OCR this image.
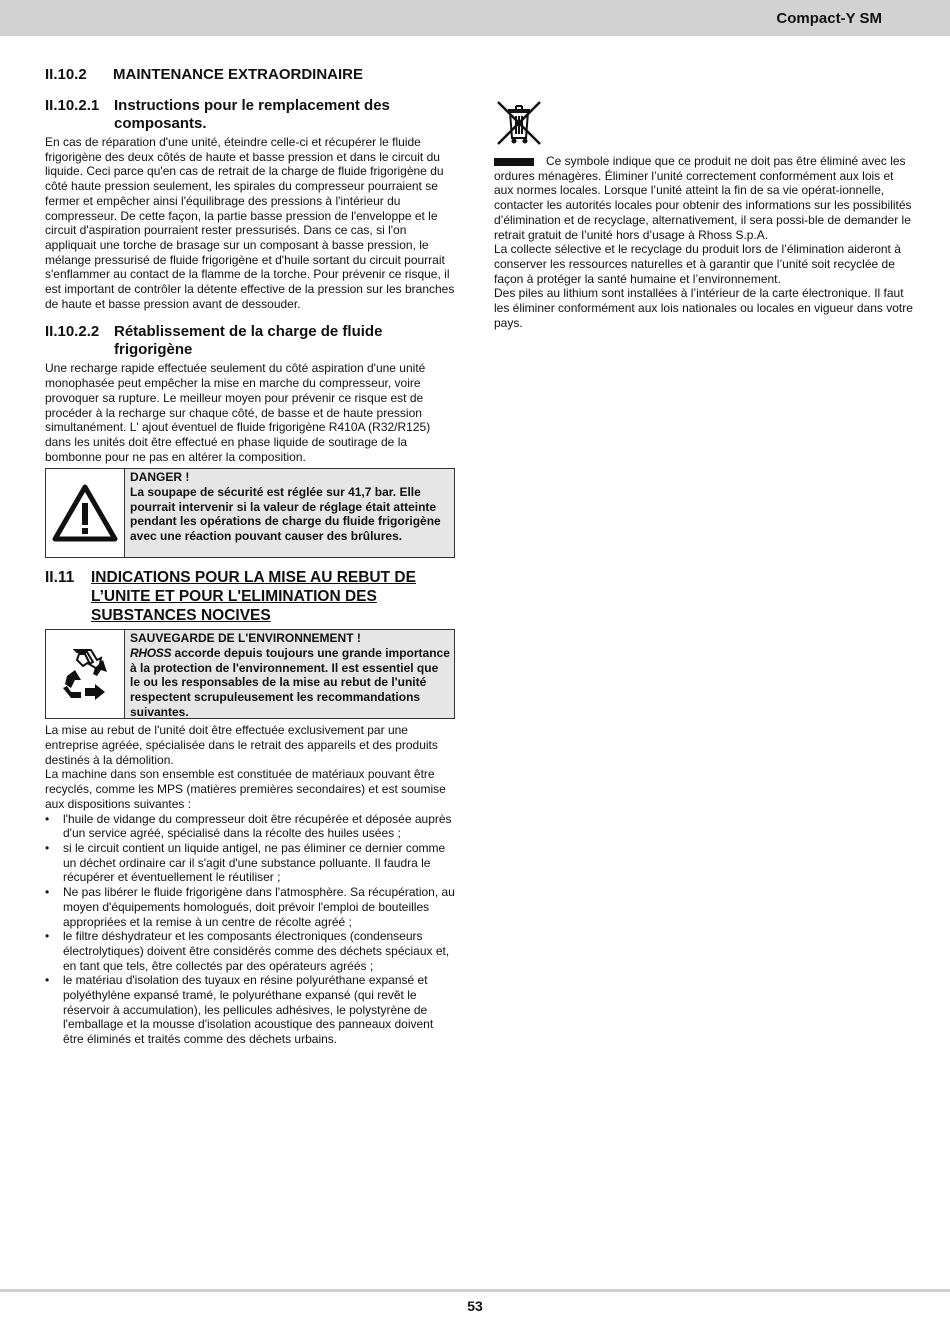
Compact-Y SM
II.10.2	MAINTENANCE EXTRAORDINAIRE
II.10.2.1 Instructions pour le remplacement des composants.

En cas de réparation d'une unité, éteindre celle-ci et récupérer le fluide frigorigène des deux côtés de haute et basse pression et dans le circuit du liquide. Ceci parce qu'en cas de retrait de la charge de fluide frigorigène du côté haute pression seulement, les spirales du compresseur pourraient se fermer et empêcher ainsi l'équilibrage des pressions à l'intérieur du compresseur. De cette façon, la partie basse pression de l'enveloppe et le circuit d'aspiration pourraient rester pressurisés. Dans ce cas, si l'on appliquait une torche de brasage sur un composant à basse pression, le mélange pressurisé de fluide frigorigène et d'huile sortant du circuit pourrait s'enflammer au contact de la flamme de la torche. Pour prévenir ce risque, il est important de contrôler la détente effective de la pression sur les branches de haute et basse pression avant de dessouder.

II.10.2.2 Rétablissement de la charge de fluide frigorigène

Une recharge rapide effectuée seulement du côté aspiration d'une unité monophasée peut empêcher la mise en marche du compresseur, voire provoquer sa rupture. Le meilleur moyen pour prévenir ce risque est de procéder à la recharge sur chaque côté, de basse et de haute pression simultanément. L' ajout éventuel de fluide frigorigène R410A (R32/R125) dans les unités doit être effectué en phase liquide de soutirage de la bombonne pour ne pas en altérer la composition.

DANGER !
La soupape de sécurité est réglée sur 41,7 bar. Elle pourrait intervenir si la valeur de réglage était atteinte pendant les opérations de charge du fluide frigorigène avec une réaction pouvant causer des brûlures.
II.11	INDICATIONS POUR LA MISE AU REBUT DE L’UNITE ET POUR L'ELIMINATION DES SUBSTANCES NOCIVES
SAUVEGARDE DE L'ENVIRONNEMENT !
RHOSS accorde depuis toujours une grande importance à la protection de l'environnement. Il est essentiel que le ou les responsables de la mise au rebut de l'unité respectent scrupuleusement les recommandations suivantes.

La mise au rebut de l'unité doit être effectuée exclusivement par une entreprise agréée, spécialisée dans le retrait des appareils et des produits destinés à la démolition.

La machine dans son ensemble est constituée de matériaux pouvant être recyclés, comme les MPS (matières premières secondaires) et est soumise aux dispositions suivantes :

•	l'huile de vidange du compresseur doit être récupérée et déposée auprès d'un service agréé, spécialisé dans la récolte des huiles usées ;
•	si le circuit contient un liquide antigel, ne pas éliminer ce dernier comme un déchet ordinaire car il s'agit d'une substance polluante. Il faudra le récupérer et éventuellement le réutiliser ;
•	Ne pas libérer le fluide frigorigène dans l'atmosphère. Sa récupération, au moyen d'équipements homologués, doit prévoir l'emploi de bouteilles appropriées et la remise à un centre de récolte agréé ;
•	le filtre déshydrateur et les composants électroniques (condenseurs électrolytiques) doivent être considérés comme des déchets spéciaux et, en tant que tels, être collectés par des opérateurs agréés ;
•	le matériau d'isolation des tuyaux en résine polyuréthane expansé et polyéthylène expansé tramé, le polyuréthane expansé (qui revêt le réservoir à accumulation), les pellicules adhésives, le polystyrène de l'emballage et la mousse d'isolation acoustique des panneaux doivent être éliminés et traités comme des déchets urbains.

Ce symbole indique que ce produit ne doit pas être éliminé avec les ordures ménagères. Éliminer l’unité correctement conformément aux lois et aux normes locales. Lorsque l’unité atteint la fin de sa vie opérat-ionnelle, contacter les autorités locales pour obtenir des informations sur les possibilités d’élimination et de recyclage, alternativement, il sera possi-ble de demander le retrait gratuit de l’unité hors d’usage à Rhoss S.p.A.

La collecte sélective et le recyclage du produit lors de l’élimination aideront à conserver les ressources naturelles et à garantir que l’unité soit recyclée de façon à protéger la santé humaine et l’environnement.

Des piles au lithium sont installées à l’intérieur de la carte électronique. Il faut les éliminer conformément aux lois nationales ou locales en vigueur dans votre pays.

53
